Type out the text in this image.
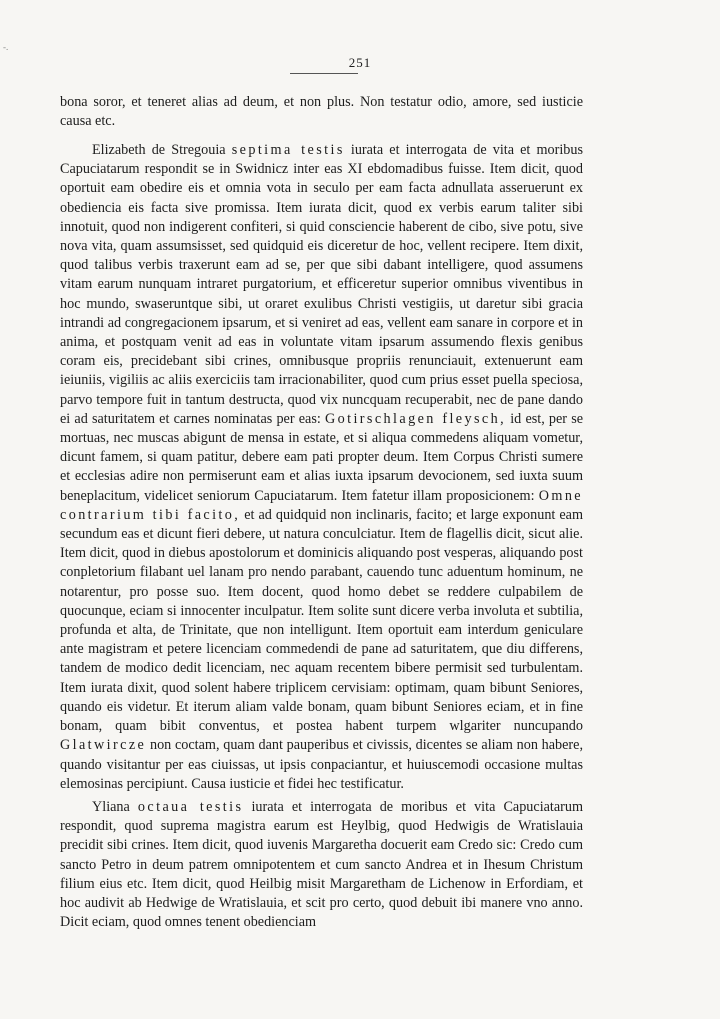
-.
251

bona soror, et teneret alias ad deum, et non plus. Non testatur odio, amore, sed iusticie causa etc.

Elizabeth de Stregouia septima testis iurata et interrogata de vita et moribus Capuciatarum respondit se in Swidnicz inter eas XI ebdomadibus fuisse. Item dicit, quod oportuit eam obedire eis et omnia vota in seculo per eam facta adnullata asseruerunt ex obediencia eis facta sive promissa. Item iurata dicit, quod ex verbis earum taliter sibi innotuit, quod non indigerent confiteri, si quid consciencie haberent de cibo, sive potu, sive nova vita, quam assumsisset, sed quidquid eis diceretur de hoc, vellent recipere. Item dixit, quod talibus verbis traxerunt eam ad se, per que sibi dabant intelligere, quod assumens vitam earum nunquam intraret purgatorium, et efficeretur superior omnibus viventibus in hoc mundo, swaseruntque sibi, ut oraret exulibus Christi vestigiis, ut daretur sibi gracia intrandi ad congregacionem ipsarum, et si veniret ad eas, vellent eam sanare in corpore et in anima, et postquam venit ad eas in voluntate vitam ipsarum assumendo flexis genibus coram eis, precidebant sibi crines, omnibusque propriis renunciauit, extenuerunt eam ieiuniis, vigiliis ac aliis exerciciis tam irracionabiliter, quod cum prius esset puella speciosa, parvo tempore fuit in tantum destructa, quod vix nuncquam recuperabit, nec de pane dando ei ad saturitatem et carnes nominatas per eas: Gotirschlagen fleysch, id est, per se mortuas, nec muscas abigunt de mensa in estate, et si aliqua commedens aliquam vometur, dicunt famem, si quam patitur, debere eam pati propter deum. Item Corpus Christi sumere et ecclesias adire non permiserunt eam et alias iuxta ipsarum devocionem, sed iuxta suum beneplacitum, videlicet seniorum Capuciatarum. Item fatetur illam proposicionem: Omne contrarium tibi facito, et ad quidquid non inclinaris, facito; et large exponunt eam secundum eas et dicunt fieri debere, ut natura conculciatur. Item de flagellis dicit, sicut alie. Item dicit, quod in diebus apostolorum et dominicis aliquando post vesperas, aliquando post conpletorium filabant uel lanam pro nendo parabant, cauendo tunc aduentum hominum, ne notarentur, pro posse suo. Item docent, quod homo debet se reddere culpabilem de quocunque, eciam si innocenter inculpatur. Item solite sunt dicere verba involuta et subtilia, profunda et alta, de Trinitate, que non intelligunt. Item oportuit eam interdum geniculare ante magistram et petere licenciam commedendi de pane ad saturitatem, que diu differens, tandem de modico dedit licenciam, nec aquam recentem bibere permisit sed turbulentam. Item iurata dixit, quod solent habere triplicem cervisiam: optimam, quam bibunt Seniores, quando eis videtur. Et iterum aliam valde bonam, quam bibunt Seniores eciam, et in fine bonam, quam bibit conventus, et postea habent turpem wlgariter nuncupando Glatwircze non coctam, quam dant pauperibus et civissis, dicentes se aliam non habere, quando visitantur per eas ciuissas, ut ipsis conpaciantur, et huiuscemodi occasione multas elemosinas percipiunt. Causa iusticie et fidei hec testificatur.

Yliana octaua testis iurata et interrogata de moribus et vita Capuciatarum respondit, quod suprema magistra earum est Heylbig, quod Hedwigis de Wratislauia precidit sibi crines. Item dicit, quod iuvenis Margaretha docuerit eam Credo sic: Credo cum sancto Petro in deum patrem omnipotentem et cum sancto Andrea et in Ihesum Christum filium eius etc. Item dicit, quod Heilbig misit Margaretham de Lichenow in Erfordiam, et hoc audivit ab Hedwige de Wratislauia, et scit pro certo, quod debuit ibi manere vno anno. Dicit eciam, quod omnes tenent obedienciam
